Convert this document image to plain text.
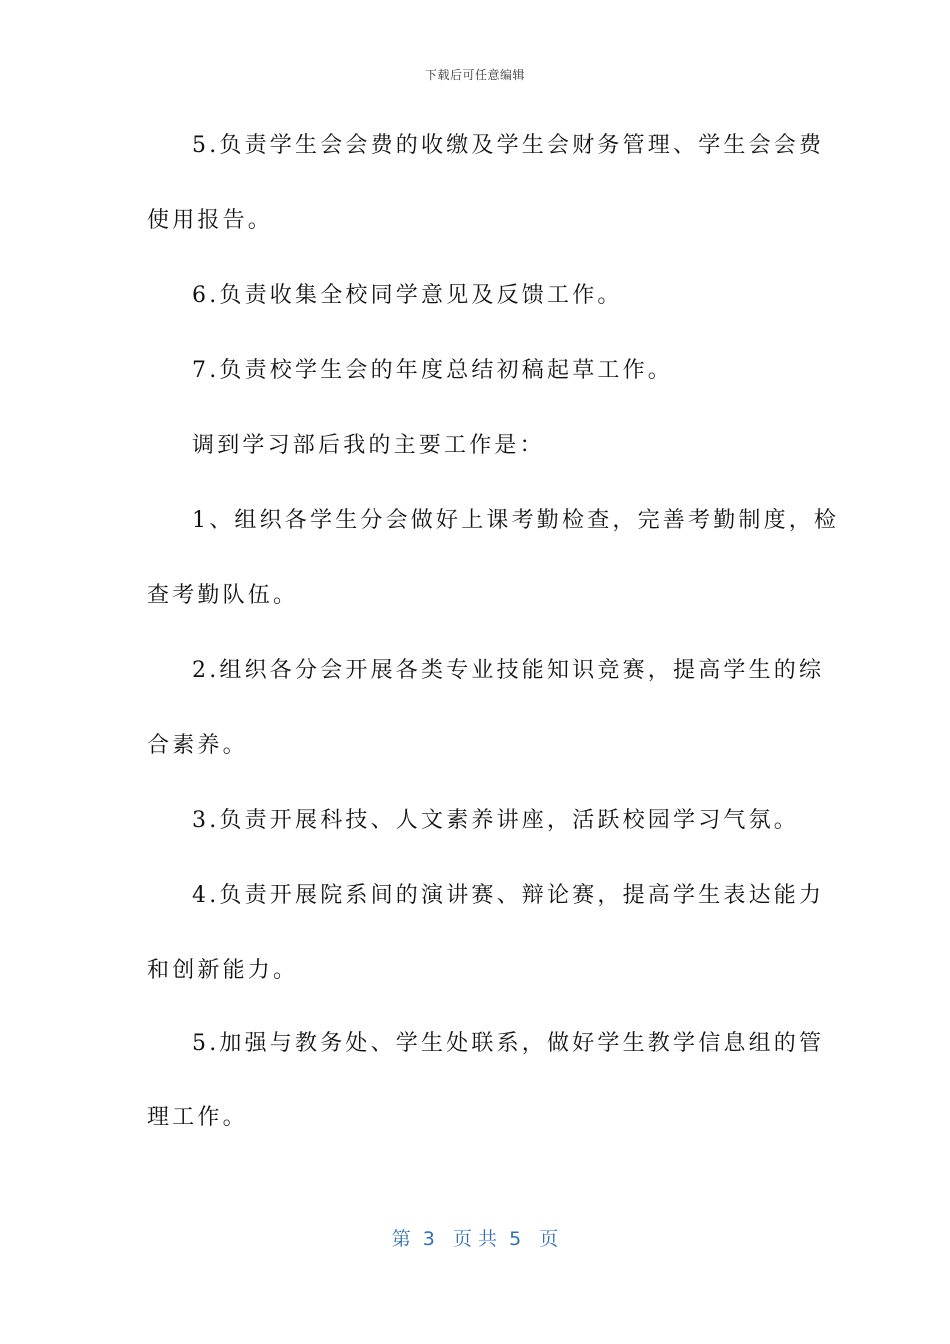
下载后可任意编辑
5.负责学生会会费的收缴及学生会财务管理、学生会会费
使用报告。
6.负责收集全校同学意见及反馈工作。
7.负责校学生会的年度总结初稿起草工作。
调到学习部后我的主要工作是：
1、组织各学生分会做好上课考勤检查，完善考勤制度，检
查考勤队伍。
2.组织各分会开展各类专业技能知识竞赛，提高学生的综
合素养。
3.负责开展科技、人文素养讲座，活跃校园学习气氛。
4.负责开展院系间的演讲赛、辩论赛，提高学生表达能力
和创新能力。
5.加强与教务处、学生处联系，做好学生教学信息组的管
理工作。
第  3   页 共  5   页
